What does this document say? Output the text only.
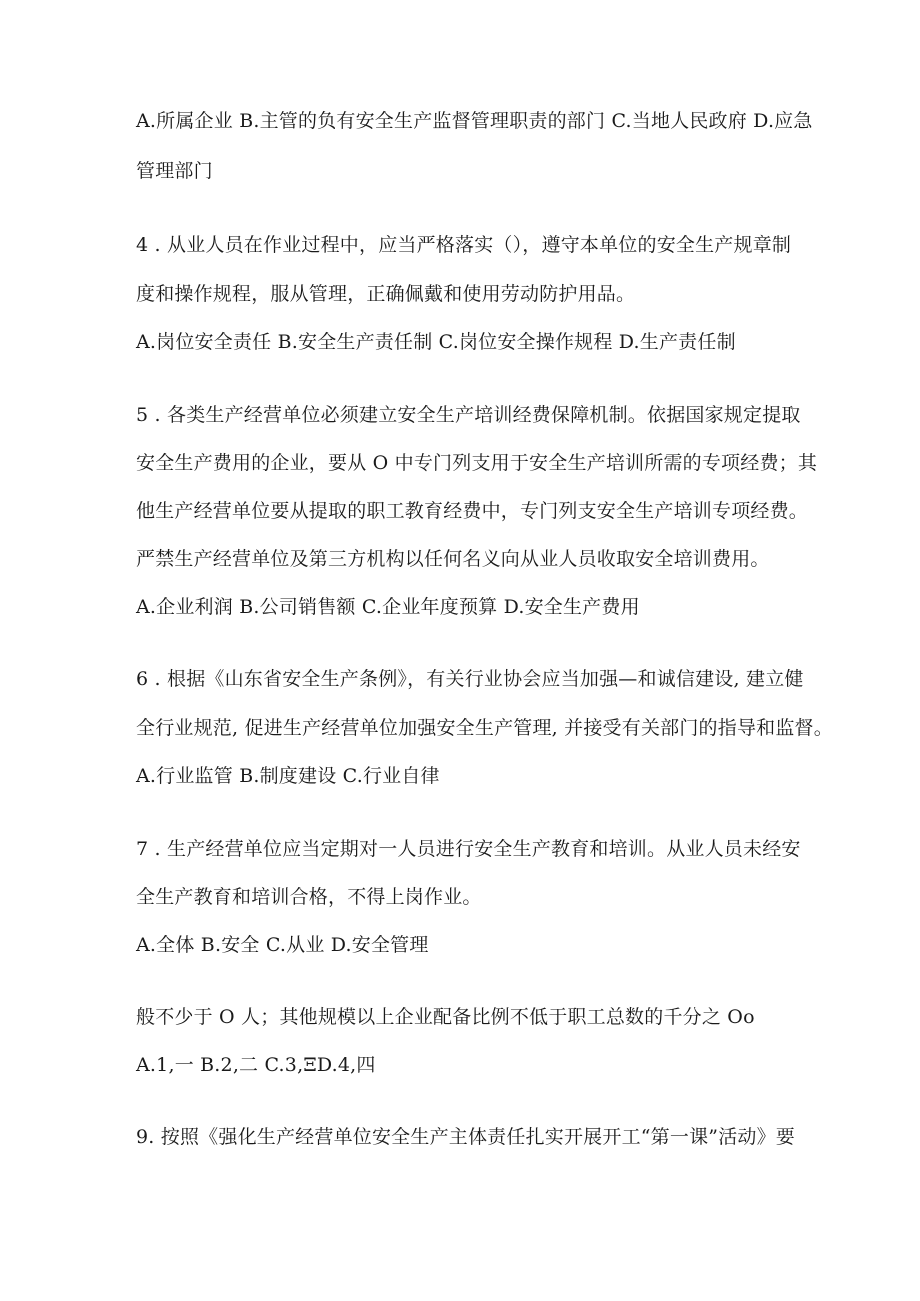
A.所属企业 B.主管的负有安全生产监督管理职责的部门 C.当地人民政府 D.应急
管理部门
4 . 从业人员在作业过程中，应当严格落实（），遵守本单位的安全生产规章制
度和操作规程，服从管理，正确佩戴和使用劳动防护用品。
A.岗位安全责任 B.安全生产责任制 C.岗位安全操作规程 D.生产责任制
5 . 各类生产经营单位必须建立安全生产培训经费保障机制。依据国家规定提取
安全生产费用的企业，要从 O 中专门列支用于安全生产培训所需的专项经费；其
他生产经营单位要从提取的职工教育经费中，专门列支安全生产培训专项经费。
严禁生产经营单位及第三方机构以任何名义向从业人员收取安全培训费用。
A.企业利润 B.公司销售额 C.企业年度预算 D.安全生产费用
6 . 根据《山东省安全生产条例》，有关行业协会应当加强—和诚信建设, 建立健
全行业规范, 促进生产经营单位加强安全生产管理, 并接受有关部门的指导和监督。
A.行业监管 B.制度建设 C.行业自律
7 . 生产经营单位应当定期对一人员进行安全生产教育和培训。从业人员未经安
全生产教育和培训合格，不得上岗作业。
A.全体 B.安全 C.从业 D.安全管理
般不少于 O 人；其他规模以上企业配备比例不低于职工总数的千分之 Oo
A.1,一 B.2,二 C.3,ΞD.4,四
9. 按照《强化生产经营单位安全生产主体责任扎实开展开工“第一课”活动》要
